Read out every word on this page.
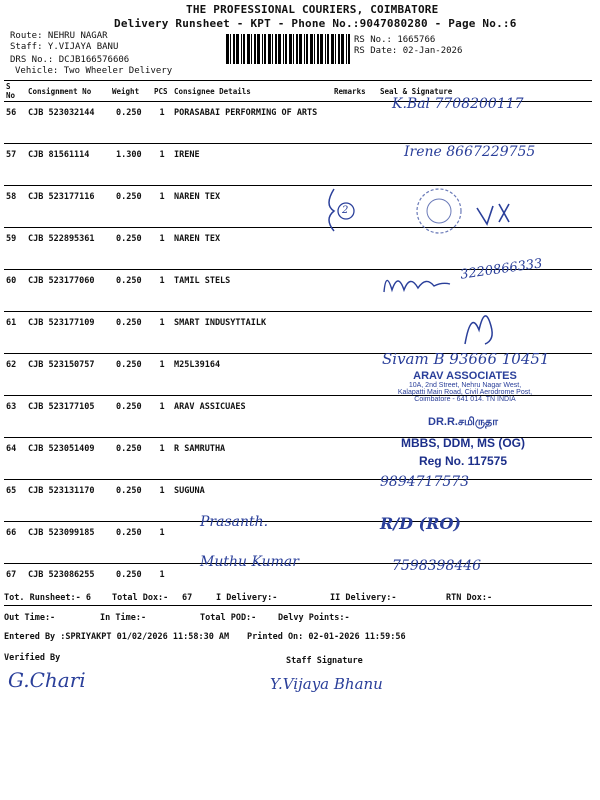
THE PROFESSIONAL COURIERS, COIMBATORE
Delivery Runsheet - KPT - Phone No.:9047080280 - Page No.:6
Route: NEHRU NAGAR
Staff: Y.VIJAYA BANU
DRS No.: DCJB166576606
Vehicle: Two Wheeler Delivery
RS No.: 1665766
RS Date: 02-Jan-2026
S No	Consignment No	Weight	PCS	Consignee Details	Remarks	Seal & Signature
56	CJB 523032144	0.250	1	PORASABAI PERFORMING OF ARTS		
57	CJB 81561114	1.300	1	IRENE		
58	CJB 523177116	0.250	1	NAREN TEX		
59	CJB 522895361	0.250	1	NAREN TEX		
60	CJB 523177060	0.250	1	TAMIL STELS		
61	CJB 523177109	0.250	1	SMART INDUSYTTAILK		
62	CJB 523150757	0.250	1	M25L39164		
63	CJB 523177105	0.250	1	ARAV ASSICUAES		
64	CJB 523051409	0.250	1	R SAMRUTHA		
65	CJB 523131170	0.250	1	SUGUNA		
66	CJB 523099185	0.250	1			
67	CJB 523086255	0.250	1			
K.Bal 7708200117
Irene 8667229755
2
3220866333
Sivam B 93666 10451
ARAV ASSOCIATES
10A, 2nd Street, Nehru Nagar West,
Kalapatti Main Road, Civil Aerodrome Post,
Coimbatore - 641 014. TN INDIA
DR.R.சமிருதா
MBBS, DDM, MS (OG)
Reg No. 117575
9894717573
R/D (RO)
7598398446
Prasanth.
Muthu Kumar
Tot. Runsheet:- 6 Total Dox:- 67	I Delivery:-	II Delivery:-	RTN Dox:-
Out Time:-	In Time:-	Total POD:-	Delvy Points:-
Entered By :SPRIYAKPT 01/02/2026 11:58:30 AM Printed On: 02-01-2026 11:59:56
Verified By	Staff Signature
G.Chari	Y.Vijaya Bhanu
